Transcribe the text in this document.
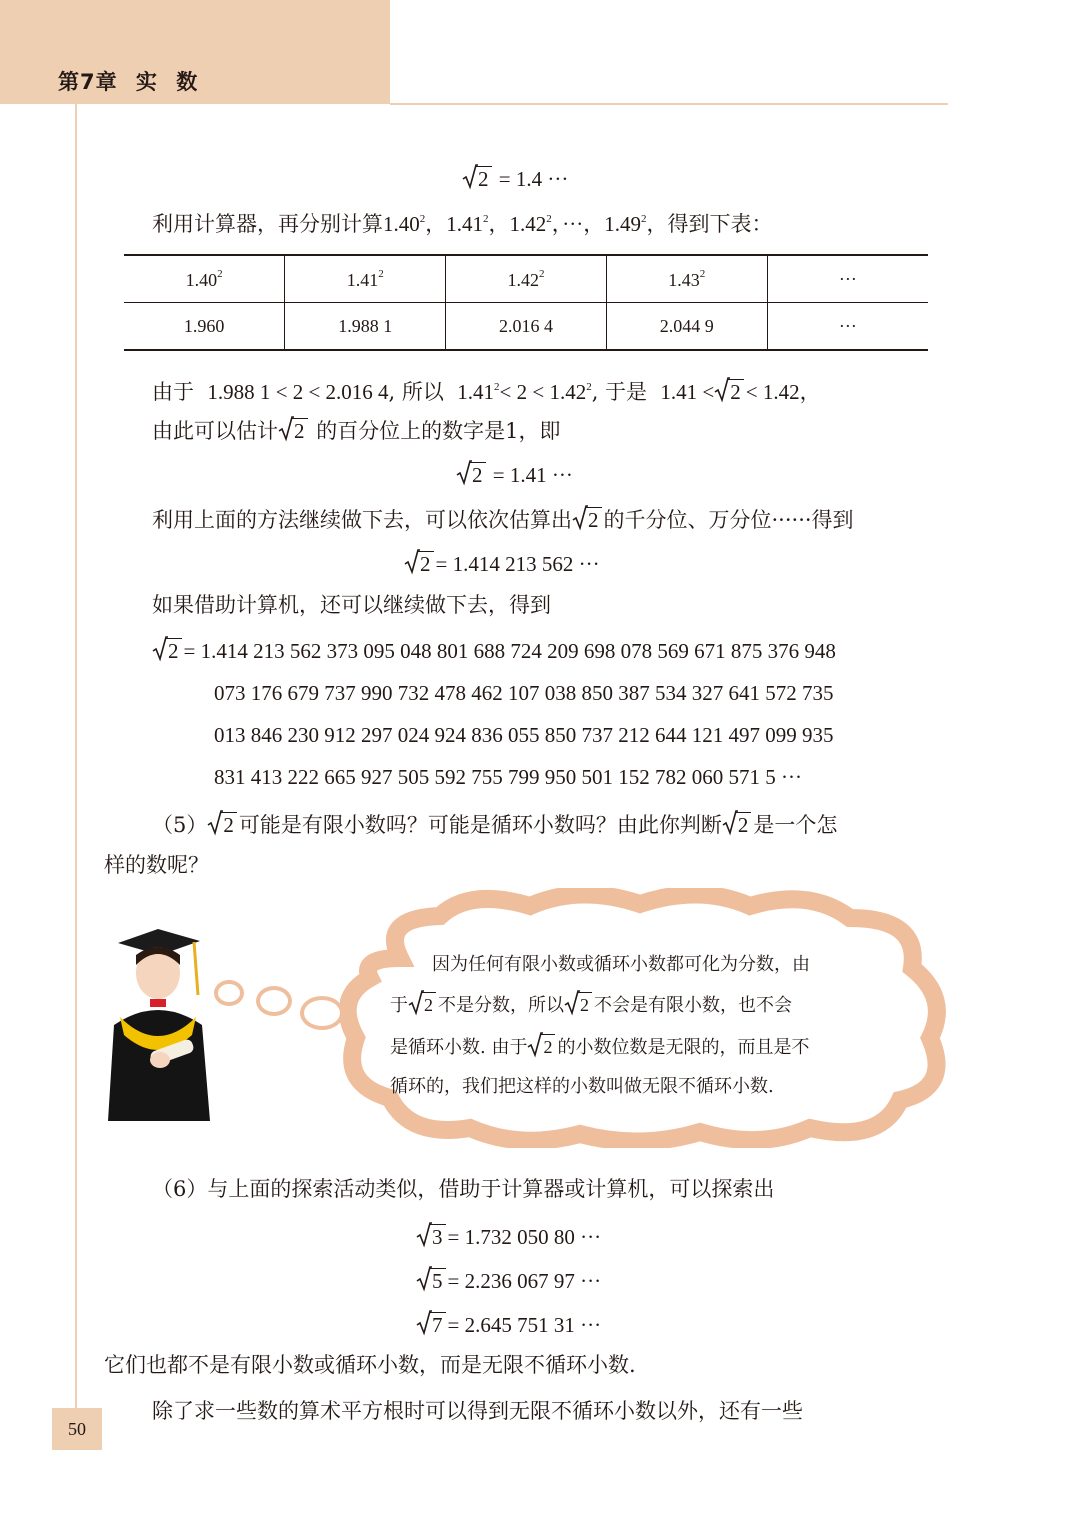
第7章 实 数
2 = 1.4 ···
利用计算器，再分别计算1.40$^2$，1.41$^2$，$1.42^2$，···，$1.49^2$，得到下表：
1.40$^2$	1.41$^2$	1.42$^2$	$1.43^2$	···
1.960	1.988 1	2.016 4	2.044 9	···
由于 1.988 1 < 2 < 2.016 4, 所以 $1.41^2< 2 < 1.42^2$, 于是 1.41 < 2 < 1.42，
由此可以估计 2 的百分位上的数字是1，即
2 = 1.41 ···
利用上面的方法继续做下去，可以依次估算出 2 的千分位、万分位······得到
2 = 1.414 213 562 ···
如果借助计算机，还可以继续做下去，得到
2 = 1.414 213 562 373 095 048 801 688 724 209 698 078 569 671 875 376 948
073 176 679 737 990 732 478 462 107 038 850 387 534 327 641 572 735
013 846 230 912 297 024 924 836 055 850 737 212 644 121 497 099 935
831 413 222 665 927 505 592 755 799 950 501 152 782 060 571 5 ···
（5） 2 可能是有限小数吗？可能是循环小数吗？由此你判断 2 是一个怎
样的数呢？
因为任何有限小数或循环小数都可化为分数，由
于 2 不是分数，所以 2 不会是有限小数，也不会
是循环小数. 由于 2 的小数位数是无限的，而且是不
循环的，我们把这样的小数叫做无限不循环小数.
（6）与上面的探索活动类似，借助于计算器或计算机，可以探索出
3 = 1.732 050 80 ···
5 = 2.236 067 97 ···
7 = 2.645 751 31 ···
它们也都不是有限小数或循环小数，而是无限不循环小数.
除了求一些数的算术平方根时可以得到无限不循环小数以外，还有一些
50
